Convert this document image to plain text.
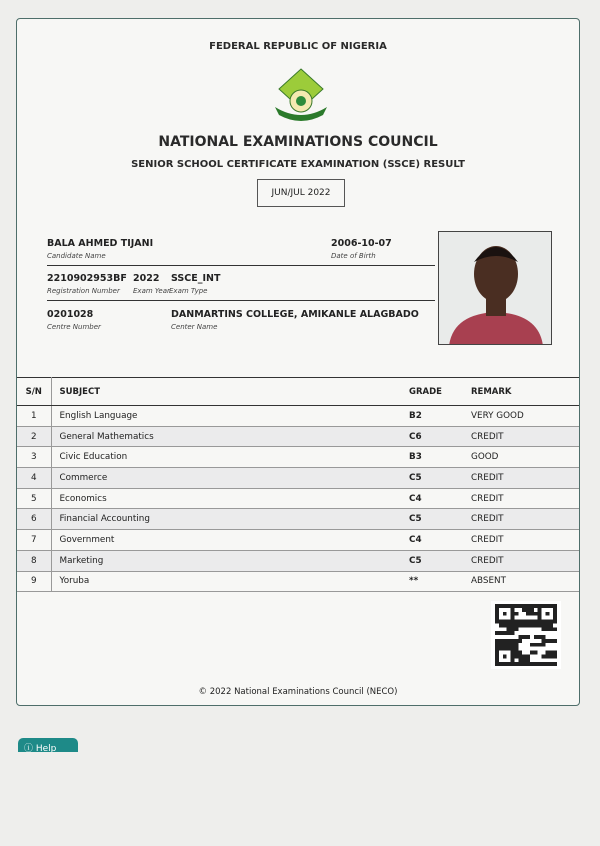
FEDERAL REPUBLIC OF NIGERIA
NATIONAL EXAMINATIONS COUNCIL
SENIOR SCHOOL CERTIFICATE EXAMINATION (SSCE) RESULT
JUN/JUL 2022
BALA AHMED TIJANI
Candidate Name
2006-10-07
Date of Birth
2210902953BF
Registration Number
2022
Exam Year
SSCE_INT
Exam Type
0201028
Centre Number
DANMARTINS COLLEGE, AMIKANLE ALAGBADO
Center Name
S/N	SUBJECT	GRADE	REMARK
1	English Language	B2	VERY GOOD
2	General Mathematics	C6	CREDIT
3	Civic Education	B3	GOOD
4	Commerce	C5	CREDIT
5	Economics	C4	CREDIT
6	Financial Accounting	C5	CREDIT
7	Government	C4	CREDIT
8	Marketing	C5	CREDIT
9	Yoruba	**	ABSENT
© 2022 National Examinations Council (NECO)
ⓘ Help
